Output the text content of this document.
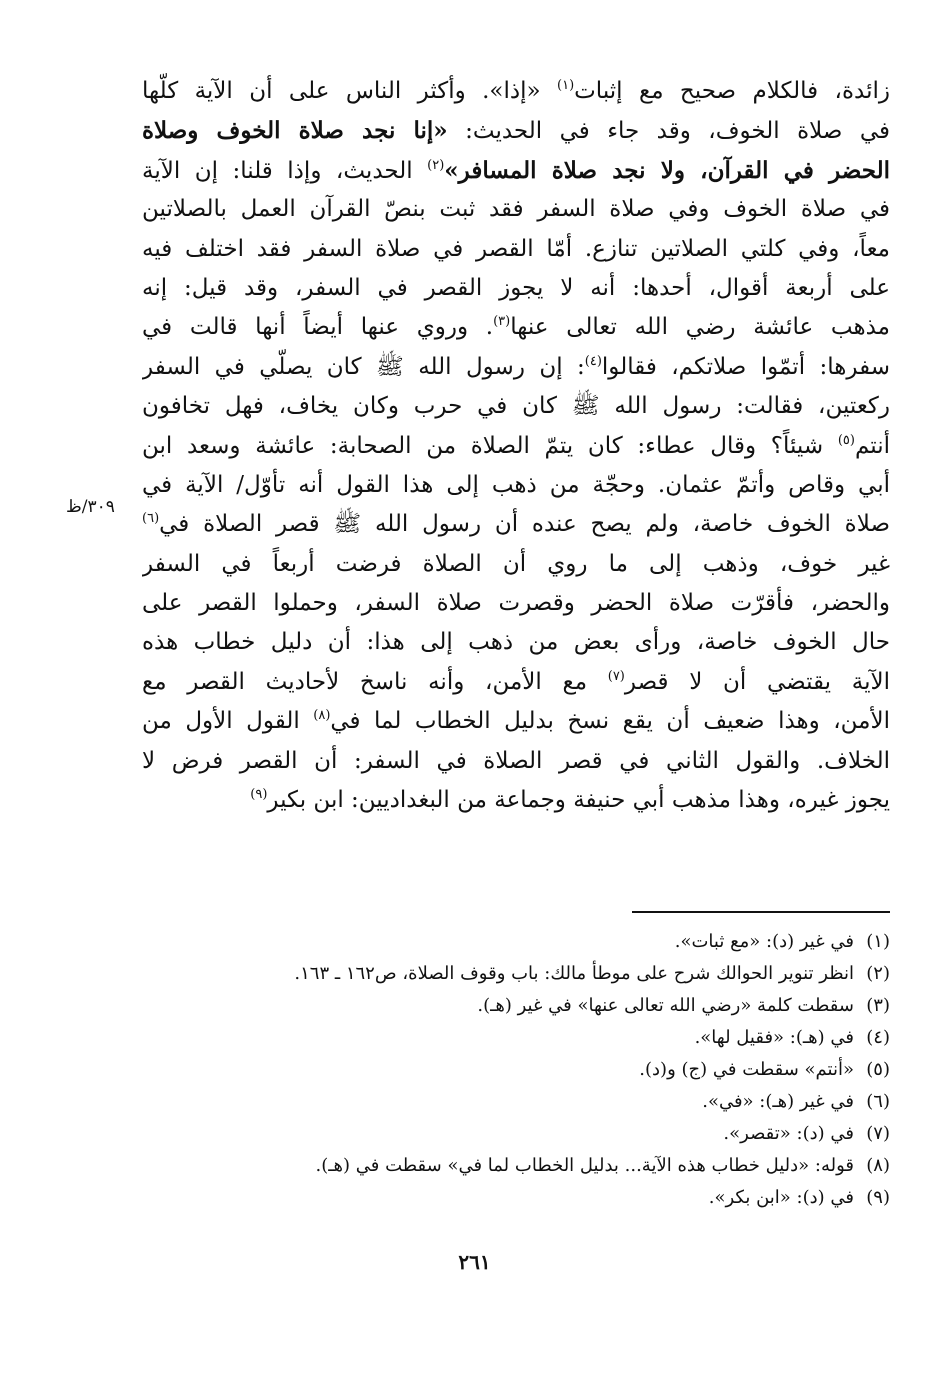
زائدة، فالكلام صحيح مع إثبات$^{(١)}$ «إذا». وأكثر الناس على أن الآية كلّها
في صلاة الخوف، وقد جاء في الحديث: «إنا نجد صلاة الخوف وصلاة
الحضر في القرآن، ولا نجد صلاة المسافر»$^{(٢)}$ الحديث، وإذا قلنا: إن الآية
في صلاة الخوف وفي صلاة السفر فقد ثبت بنصّ القرآن العمل بالصلاتين
معاً، وفي كلتي الصلاتين تنازع. أمّا القصر في صلاة السفر فقد اختلف فيه
على أربعة أقوال، أحدها: أنه لا يجوز القصر في السفر، وقد قيل: إنه
مذهب عائشة رضي الله تعالى عنها$^{(٣)}$. وروي عنها أيضاً أنها قالت في
سفرها: أتمّوا صلاتكم، فقالوا$^{(٤)}$: إن رسول الله ﷺ كان يصلّي في السفر
ركعتين، فقالت: رسول الله ﷺ كان في حرب وكان يخاف، فهل تخافون
أنتم$^{(٥)}$ شيئاً؟ وقال عطاء: كان يتمّ الصلاة من الصحابة: عائشة وسعد ابن
أبي وقاص وأتمّ عثمان. وحجّة من ذهب إلى هذا القول أنه تأوّل/ الآية في
صلاة الخوف خاصة، ولم يصح عنده أن رسول الله ﷺ قصر الصلاة في$^{(٦)}$
غير خوف، وذهب إلى ما روي أن الصلاة فرضت أربعاً في السفر
والحضر، فأقرّت صلاة الحضر وقصرت صلاة السفر، وحملوا القصر على
حال الخوف خاصة، ورأى بعض من ذهب إلى هذا: أن دليل خطاب هذه
الآية يقتضي أن لا قصر$^{(٧)}$ مع الأمن، وأنه ناسخ لأحاديث القصر مع
الأمن، وهذا ضعيف أن يقع نسخ بدليل الخطاب لما في$^{(٨)}$ القول الأول من
الخلاف. والقول الثاني في قصر الصلاة في السفر: أن القصر فرض لا
يجوز غيره، وهذا مذهب أبي حنيفة وجماعة من البغداديين: ابن بكير$^{(٩)}$
٣٠٩/ظ
(١)في غير (د): «مع ثبات».
(٢)انظر تنوير الحوالك شرح على موطأ مالك: باب وقوف الصلاة، ص١٦٢ ـ ١٦٣.
(٣)سقطت كلمة «رضي الله تعالى عنها» في غير (هـ).
(٤)في (هـ): «فقيل لها».
(٥)«أنتم» سقطت في (ج) و(د).
(٦)في غير (هـ): «في».
(٧)في (د): «تقصر».
(٨)قوله: «دليل خطاب هذه الآية... بدليل الخطاب لما في» سقطت في (هـ).
(٩)في (د): «ابن بكر».
٢٦١
